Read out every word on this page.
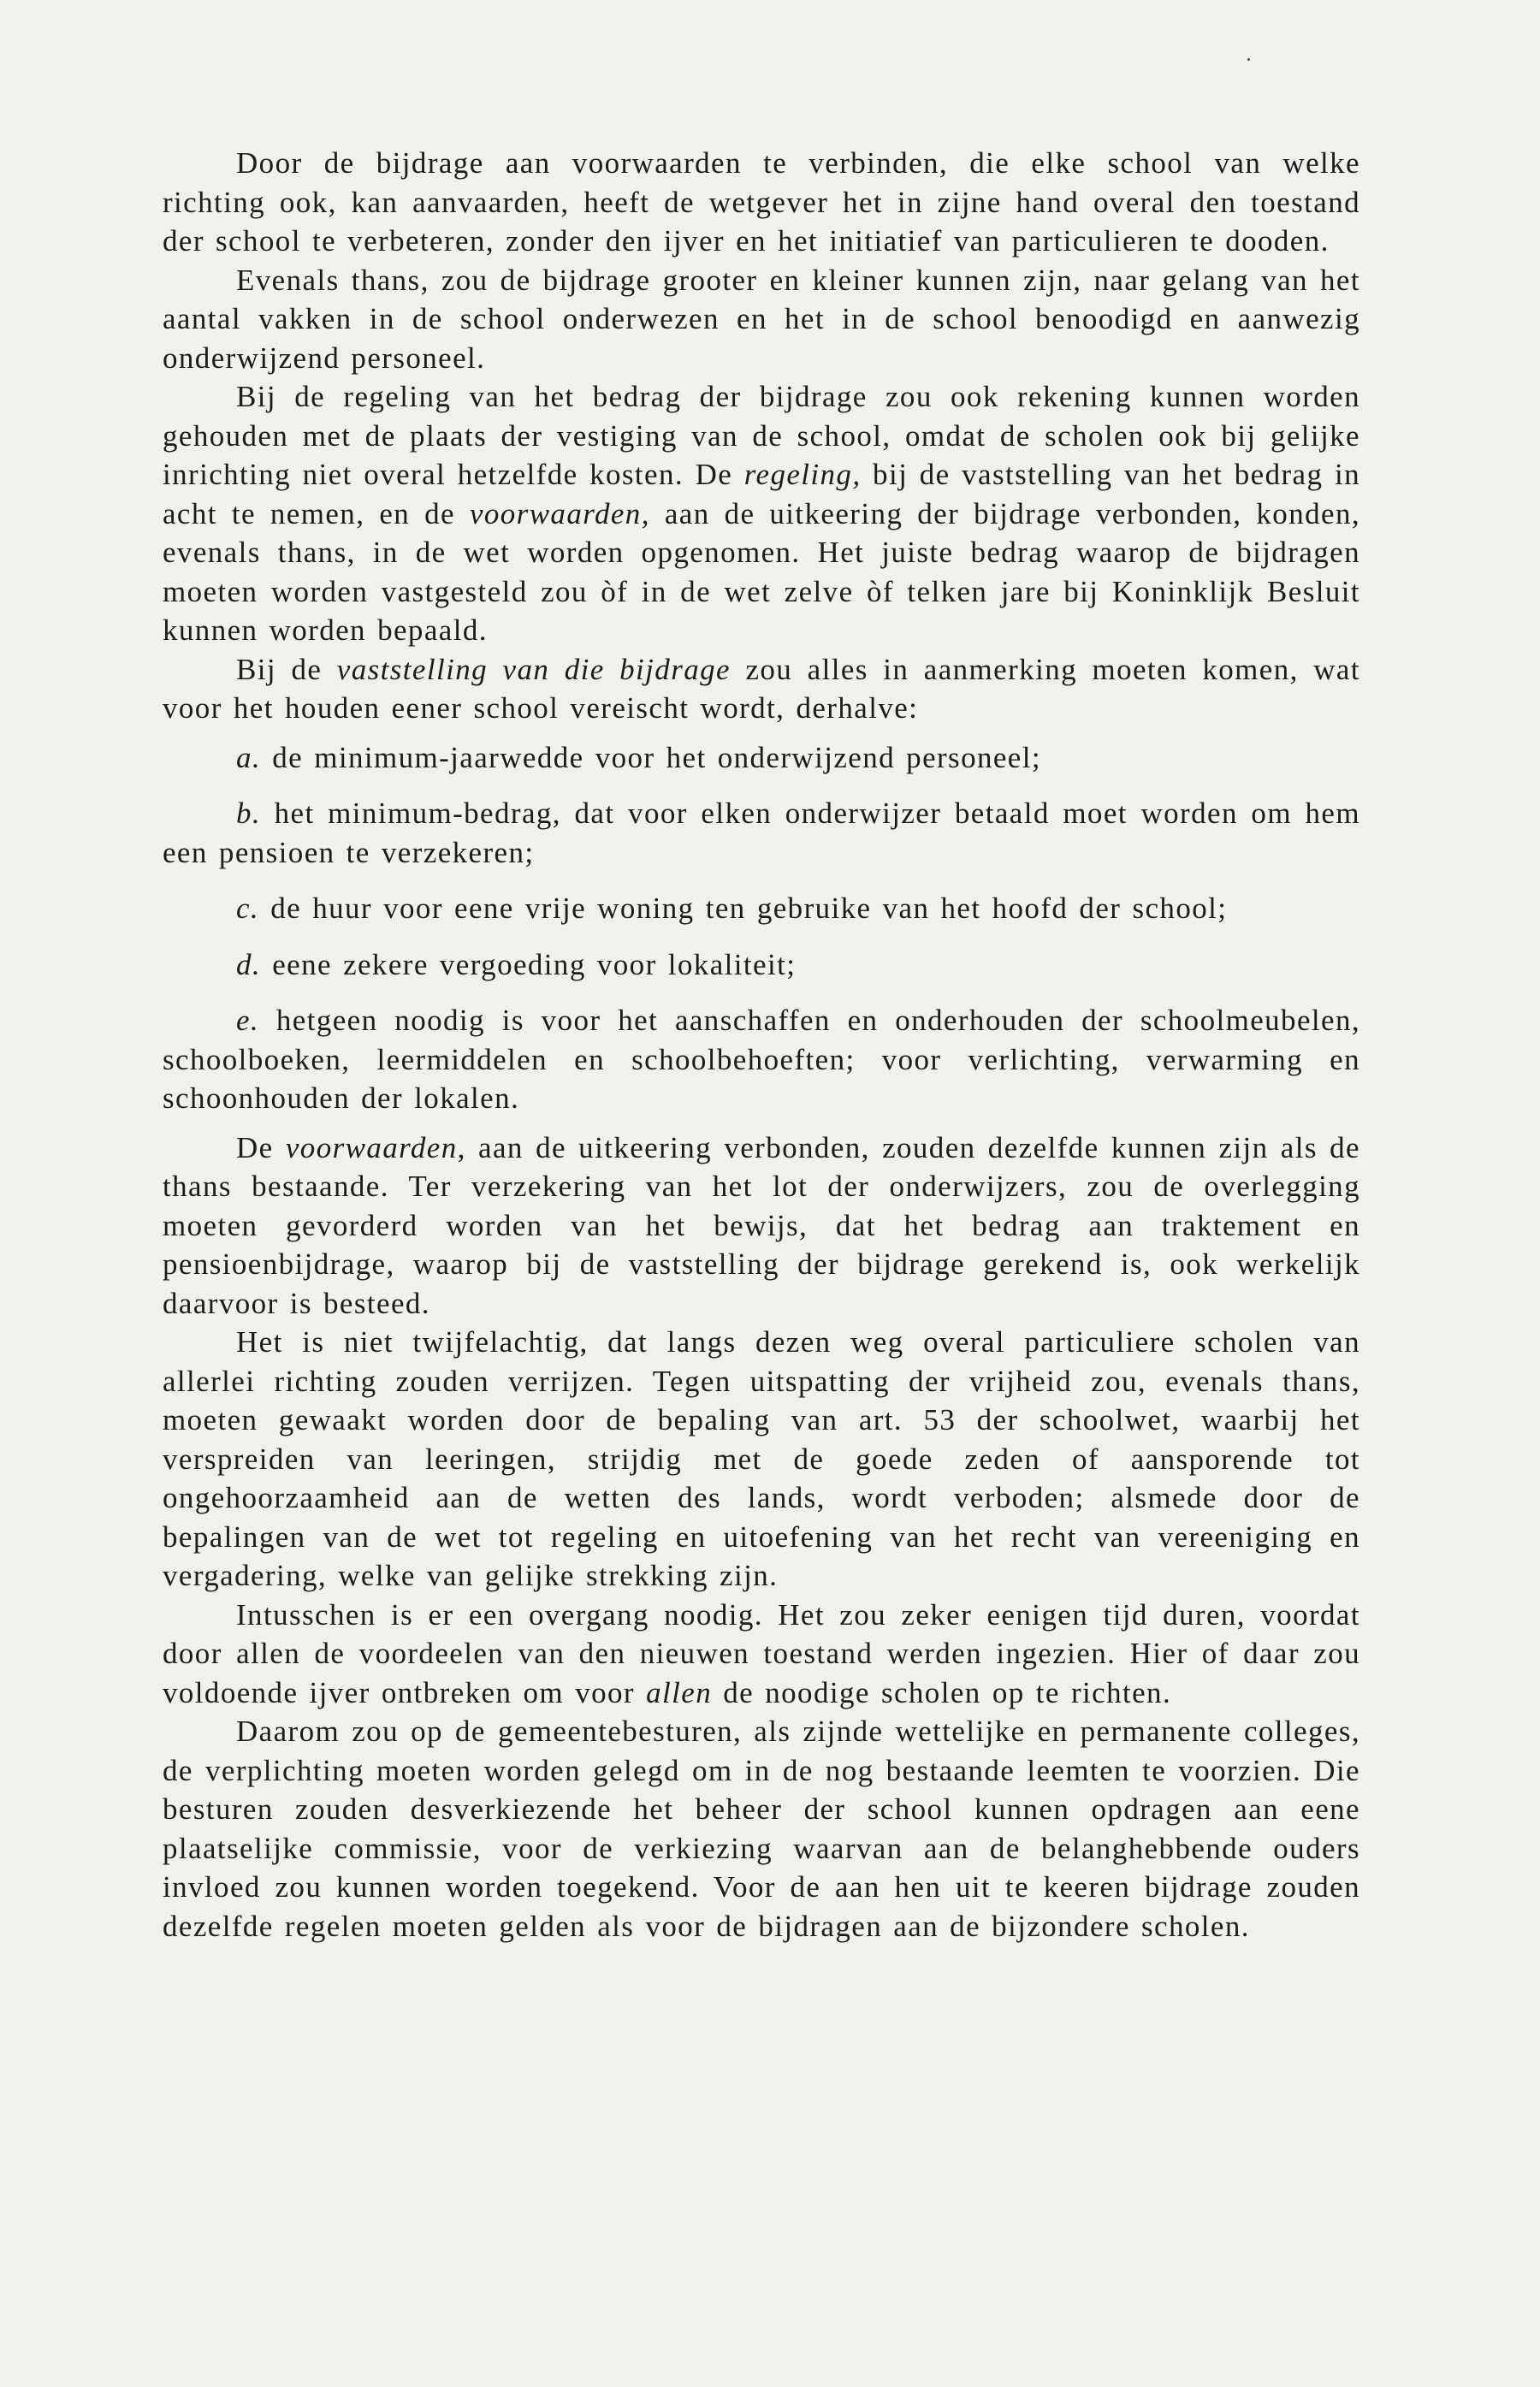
Door de bijdrage aan voorwaarden te verbinden, die elke school van welke richting ook, kan aanvaarden, heeft de wetgever het in zijne hand overal den toestand der school te verbeteren, zonder den ijver en het initiatief van particulieren te dooden.

Evenals thans, zou de bijdrage grooter en kleiner kunnen zijn, naar gelang van het aantal vakken in de school onderwezen en het in de school benoodigd en aanwezig onderwijzend personeel.

Bij de regeling van het bedrag der bijdrage zou ook rekening kunnen worden gehouden met de plaats der vestiging van de school, omdat de scholen ook bij gelijke inrichting niet overal hetzelfde kosten. De regeling, bij de vaststelling van het bedrag in acht te nemen, en de voorwaarden, aan de uitkeering der bijdrage verbonden, konden, evenals thans, in de wet worden opgenomen. Het juiste bedrag waarop de bijdragen moeten worden vastgesteld zou òf in de wet zelve òf telken jare bij Koninklijk Besluit kunnen worden bepaald.

Bij de vaststelling van die bijdrage zou alles in aanmerking moeten komen, wat voor het houden eener school vereischt wordt, derhalve:

a. de minimum-jaarwedde voor het onderwijzend personeel;

b. het minimum-bedrag, dat voor elken onderwijzer betaald moet worden om hem een pensioen te verzekeren;

c. de huur voor eene vrije woning ten gebruike van het hoofd der school;

d. eene zekere vergoeding voor lokaliteit;

e. hetgeen noodig is voor het aanschaffen en onderhouden der schoolmeubelen, schoolboeken, leermiddelen en schoolbehoeften; voor verlichting, verwarming en schoonhouden der lokalen.

De voorwaarden, aan de uitkeering verbonden, zouden dezelfde kunnen zijn als de thans bestaande. Ter verzekering van het lot der onderwijzers, zou de overlegging moeten gevorderd worden van het bewijs, dat het bedrag aan traktement en pensioenbijdrage, waarop bij de vaststelling der bijdrage gerekend is, ook werkelijk daarvoor is besteed.

Het is niet twijfelachtig, dat langs dezen weg overal particuliere scholen van allerlei richting zouden verrijzen. Tegen uitspatting der vrijheid zou, evenals thans, moeten gewaakt worden door de bepaling van art. 53 der schoolwet, waarbij het verspreiden van leeringen, strijdig met de goede zeden of aansporende tot ongehoorzaamheid aan de wetten des lands, wordt verboden; alsmede door de bepalingen van de wet tot regeling en uitoefening van het recht van vereeniging en vergadering, welke van gelijke strekking zijn.

Intusschen is er een overgang noodig. Het zou zeker eenigen tijd duren, voordat door allen de voordeelen van den nieuwen toestand werden ingezien. Hier of daar zou voldoende ijver ontbreken om voor allen de noodige scholen op te richten.

Daarom zou op de gemeentebesturen, als zijnde wettelijke en permanente colleges, de verplichting moeten worden gelegd om in de nog bestaande leemten te voorzien. Die besturen zouden desverkiezende het beheer der school kunnen opdragen aan eene plaatselijke commissie, voor de verkiezing waarvan aan de belanghebbende ouders invloed zou kunnen worden toegekend. Voor de aan hen uit te keeren bijdrage zouden dezelfde regelen moeten gelden als voor de bijdragen aan de bijzondere scholen.
